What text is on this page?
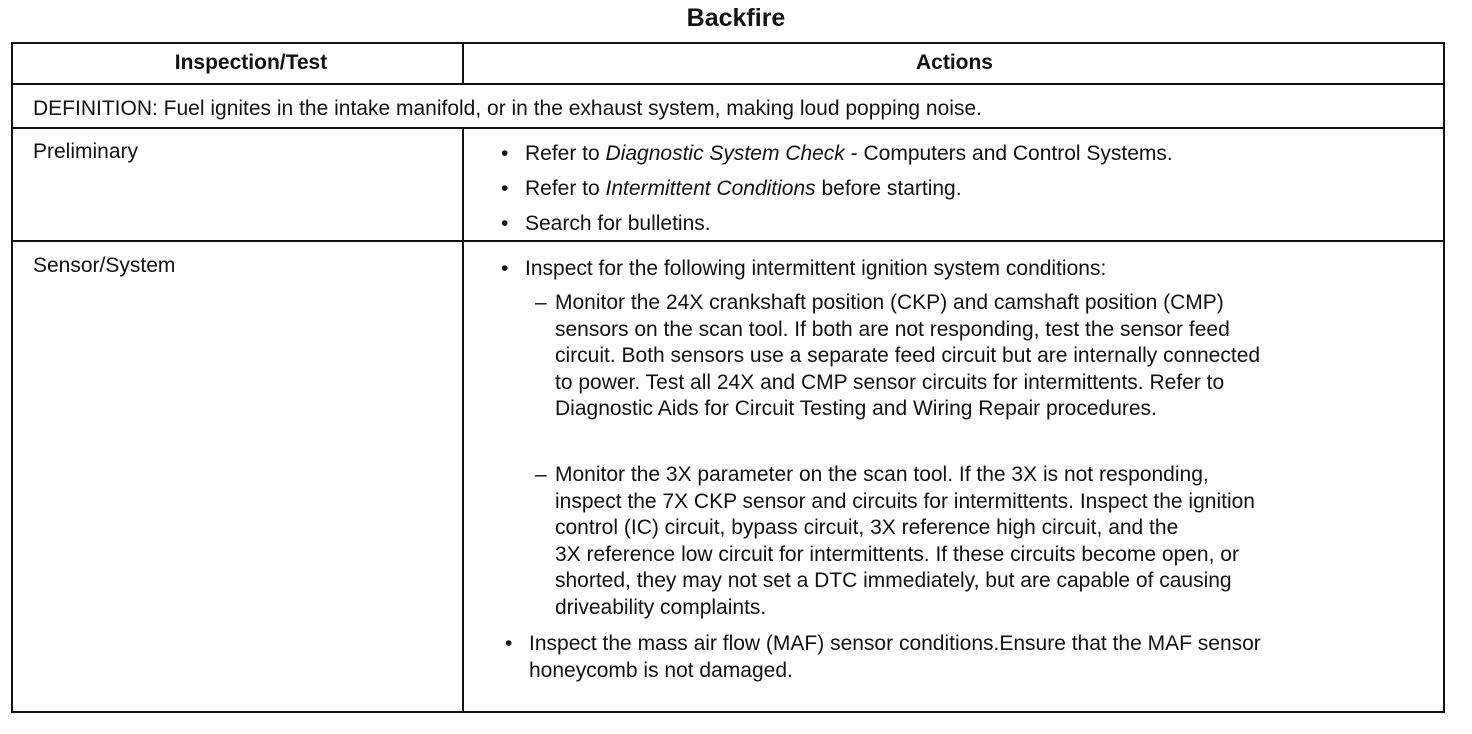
Backfire
Inspection/Test	Actions
DEFINITION: Fuel ignites in the intake manifold, or in the exhaust system, making loud popping noise.
Preliminary	• Refer to Diagnostic System Check - Computers and Control Systems.
• Refer to Intermittent Conditions before starting.
• Search for bulletins.
Sensor/System	• Inspect for the following intermittent ignition system conditions:
– Monitor the 24X crankshaft position (CKP) and camshaft position (CMP)
sensors on the scan tool. If both are not responding, test the sensor feed
circuit. Both sensors use a separate feed circuit but are internally connected
to power. Test all 24X and CMP sensor circuits for intermittents. Refer to
Diagnostic Aids for Circuit Testing and Wiring Repair procedures.
– Monitor the 3X parameter on the scan tool. If the 3X is not responding,
inspect the 7X CKP sensor and circuits for intermittents. Inspect the ignition
control (IC) circuit, bypass circuit, 3X reference high circuit, and the
3X reference low circuit for intermittents. If these circuits become open, or
shorted, they may not set a DTC immediately, but are capable of causing
driveability complaints.
• Inspect the mass air flow (MAF) sensor conditions.Ensure that the MAF sensor
honeycomb is not damaged.
